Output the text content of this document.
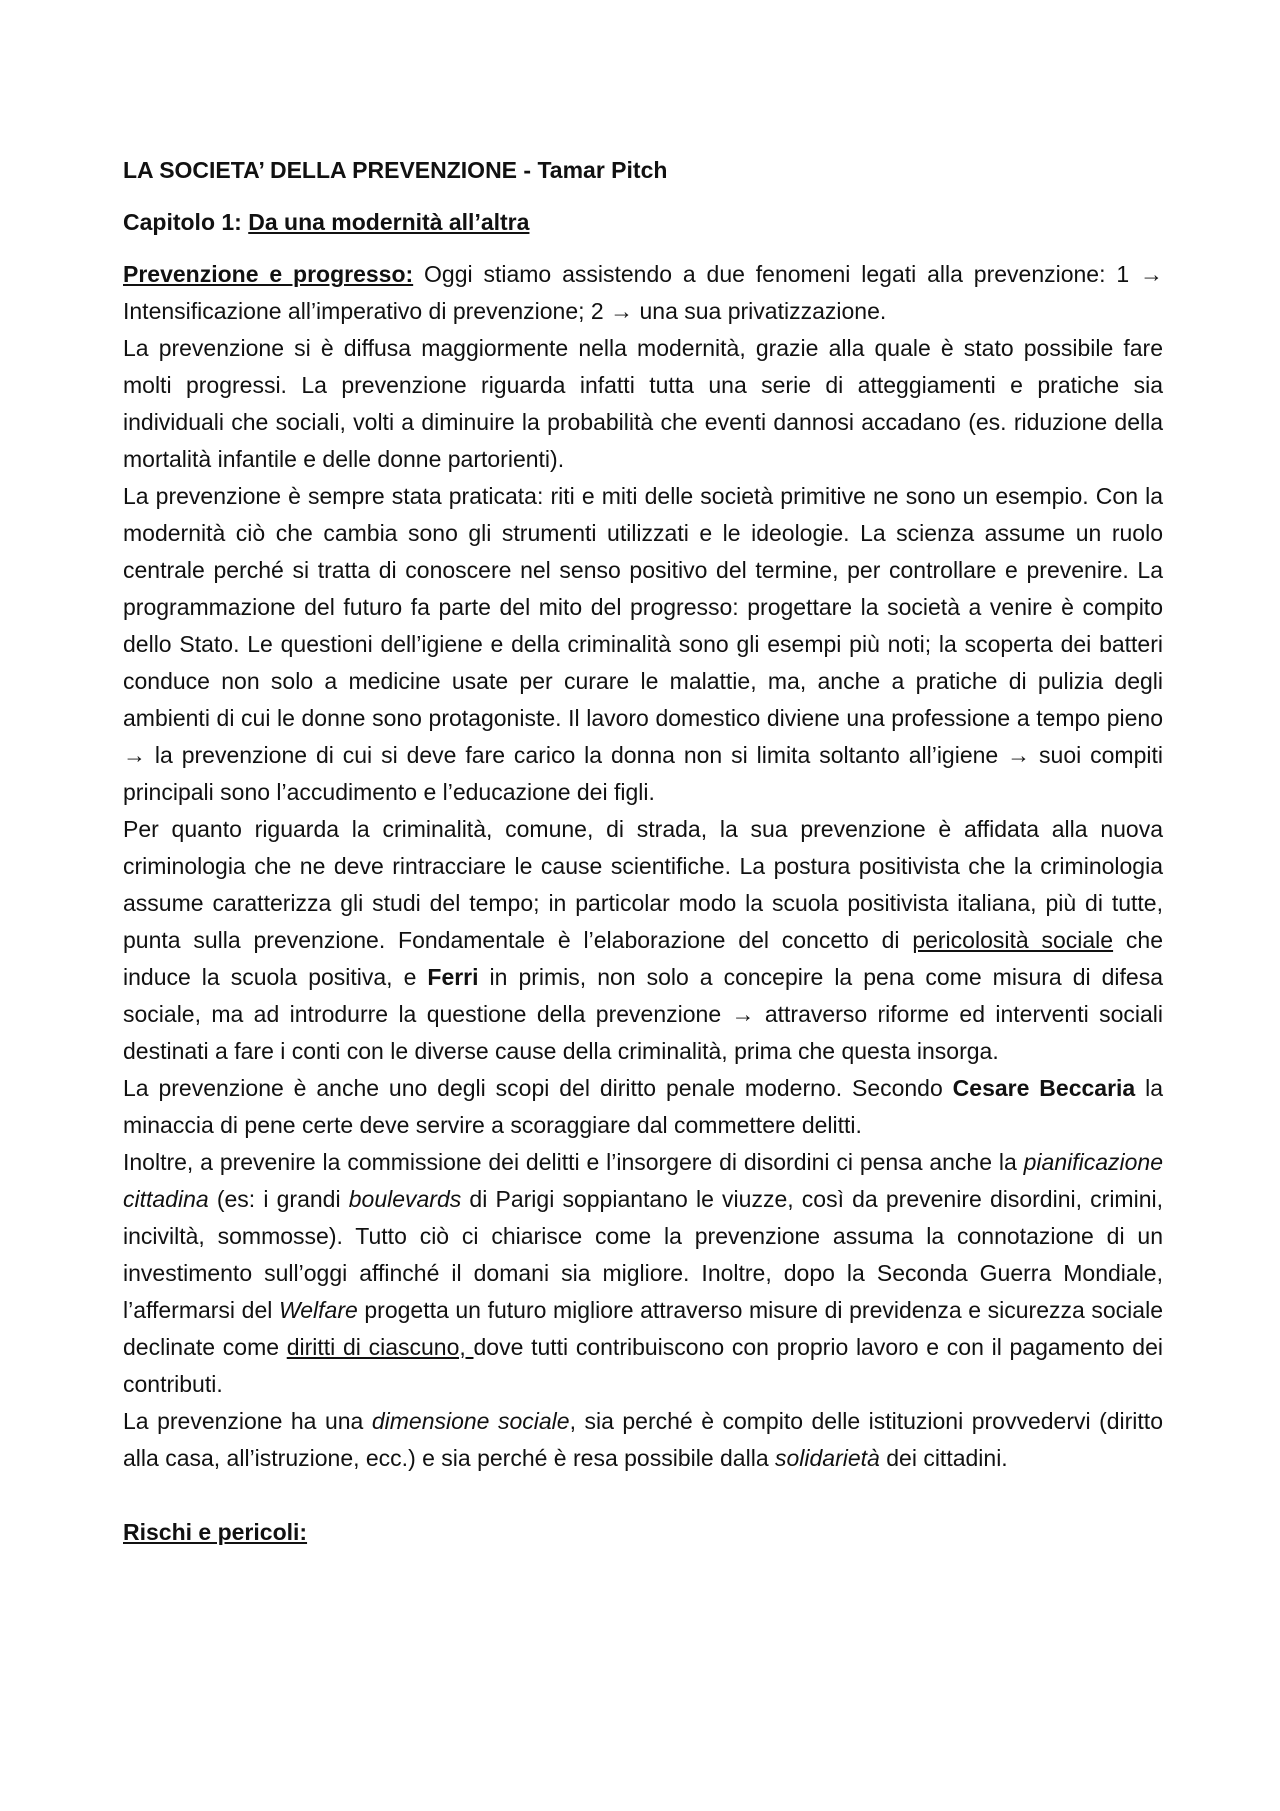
LA SOCIETA’ DELLA PREVENZIONE - Tamar Pitch

Capitolo 1: Da una modernità all’altra

Prevenzione e progresso: Oggi stiamo assistendo a due fenomeni legati alla prevenzione: 1 → Intensificazione all’imperativo di prevenzione; 2 → una sua privatizzazione.

La prevenzione si è diffusa maggiormente nella modernità, grazie alla quale è stato possibile fare molti progressi. La prevenzione riguarda infatti tutta una serie di atteggiamenti e pratiche sia individuali che sociali, volti a diminuire la probabilità che eventi dannosi accadano (es. riduzione della mortalità infantile e delle donne partorienti).

La prevenzione è sempre stata praticata: riti e miti delle società primitive ne sono un esempio. Con la modernità ciò che cambia sono gli strumenti utilizzati e le ideologie. La scienza assume un ruolo centrale perché si tratta di conoscere nel senso positivo del termine, per controllare e prevenire. La programmazione del futuro fa parte del mito del progresso: progettare la società a venire è compito dello Stato. Le questioni dell’igiene e della criminalità sono gli esempi più noti; la scoperta dei batteri conduce non solo a medicine usate per curare le malattie, ma, anche a pratiche di pulizia degli ambienti di cui le donne sono protagoniste. Il lavoro domestico diviene una professione a tempo pieno → la prevenzione di cui si deve fare carico la donna non si limita soltanto all’igiene → suoi compiti principali sono l’accudimento e l’educazione dei figli.

Per quanto riguarda la criminalità, comune, di strada, la sua prevenzione è affidata alla nuova criminologia che ne deve rintracciare le cause scientifiche. La postura positivista che la criminologia assume caratterizza gli studi del tempo; in particolar modo la scuola positivista italiana, più di tutte, punta sulla prevenzione. Fondamentale è l’elaborazione del concetto di pericolosità sociale che induce la scuola positiva, e Ferri in primis, non solo a concepire la pena come misura di difesa sociale, ma ad introdurre la questione della prevenzione → attraverso riforme ed interventi sociali destinati a fare i conti con le diverse cause della criminalità, prima che questa insorga.

La prevenzione è anche uno degli scopi del diritto penale moderno. Secondo Cesare Beccaria la minaccia di pene certe deve servire a scoraggiare dal commettere delitti.

Inoltre, a prevenire la commissione dei delitti e l’insorgere di disordini ci pensa anche la pianificazione cittadina (es: i grandi boulevards di Parigi soppiantano le viuzze, così da prevenire disordini, crimini, inciviltà, sommosse). Tutto ciò ci chiarisce come la prevenzione assuma la connotazione di un investimento sull’oggi affinché il domani sia migliore. Inoltre, dopo la Seconda Guerra Mondiale, l’affermarsi del Welfare progetta un futuro migliore attraverso misure di previdenza e sicurezza sociale declinate come diritti di ciascuno, dove tutti contribuiscono con proprio lavoro e con il pagamento dei contributi.

La prevenzione ha una dimensione sociale, sia perché è compito delle istituzioni provvedervi (diritto alla casa, all’istruzione, ecc.) e sia perché è resa possibile dalla solidarietà dei cittadini.

Rischi e pericoli:
